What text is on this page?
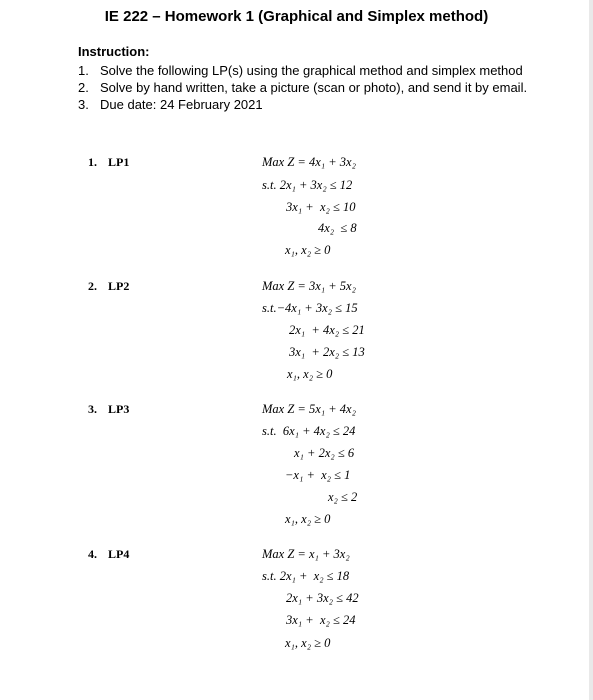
IE 222 – Homework 1 (Graphical and Simplex method)
Instruction:
1. Solve the following LP(s) using the graphical method and simplex method
2. Solve by hand written, take a picture (scan or photo), and send it by email.
3. Due date: 24 February 2021
1. LP1	Max Z = 4x₁ + 3x₂
s.t. 2x₁ + 3x₂ ≤ 12
3x₁ +  x₂ ≤ 10
4x₂  ≤ 8
x₁, x₂ ≥ 0
2. LP2	Max Z = 3x₁ + 5x₂
s.t.−4x₁ + 3x₂ ≤ 15
2x₁  + 4x₂ ≤ 21
3x₁  + 2x₂ ≤ 13
x₁, x₂ ≥ 0
3. LP3	Max Z = 5x₁ + 4x₂
s.t.  6x₁ + 4x₂ ≤ 24
x₁ + 2x₂ ≤ 6
−x₁ +  x₂ ≤ 1
x₂ ≤ 2
x₁, x₂ ≥ 0
4. LP4	Max Z = x₁ + 3x₂
s.t. 2x₁ +  x₂ ≤ 18
2x₁ + 3x₂ ≤ 42
3x₁ +  x₂ ≤ 24
x₁, x₂ ≥ 0
